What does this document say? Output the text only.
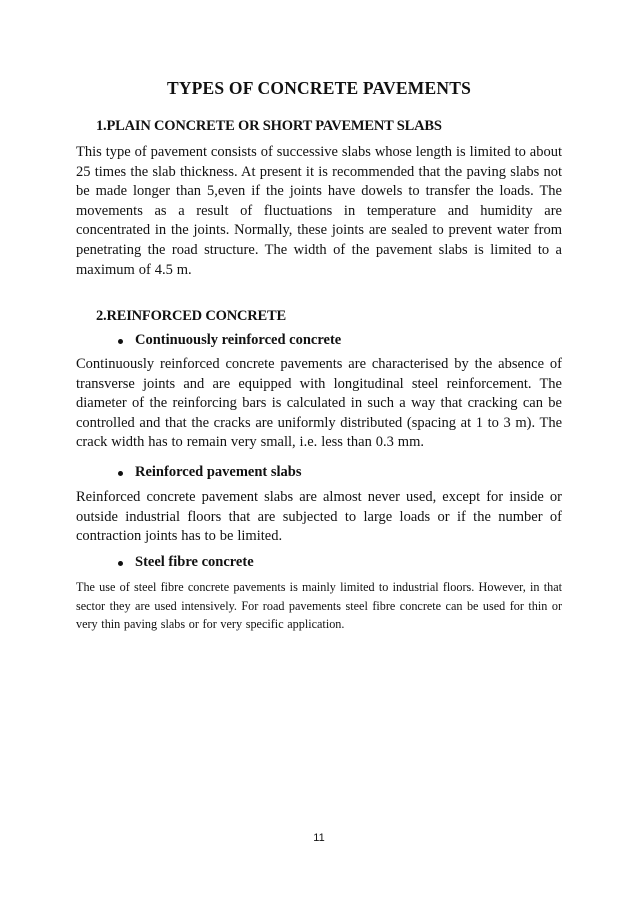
TYPES OF CONCRETE PAVEMENTS
1.PLAIN CONCRETE OR SHORT PAVEMENT SLABS

This type of pavement consists of successive slabs whose length is limited to about 25 times the slab thickness. At present it is recommended that the paving slabs not be made longer than 5,even if the joints have dowels to transfer the loads. The movements as a result of fluctuations in temperature and humidity are concentrated in the joints. Normally, these joints are sealed to prevent water from penetrating the road structure. The width of the pavement slabs is limited to a maximum of 4.5 m.

2.REINFORCED CONCRETE
Continuously reinforced concrete

Continuously reinforced concrete pavements are characterised by the absence of transverse joints and are equipped with longitudinal steel reinforcement. The diameter of the reinforcing bars is calculated in such a way that cracking can be controlled and that the cracks are uniformly distributed (spacing at 1 to 3 m). The crack width has to remain very small, i.e. less than 0.3 mm.

Reinforced pavement slabs

Reinforced concrete pavement slabs are almost never used, except for inside or outside industrial floors that are subjected to large loads or if the number of contraction joints has to be limited.

Steel fibre concrete

The use of steel fibre concrete pavements is mainly limited to industrial floors. However, in that sector they are used intensively. For road pavements steel fibre concrete can be used for thin or very thin paving slabs or for very specific application.

11
